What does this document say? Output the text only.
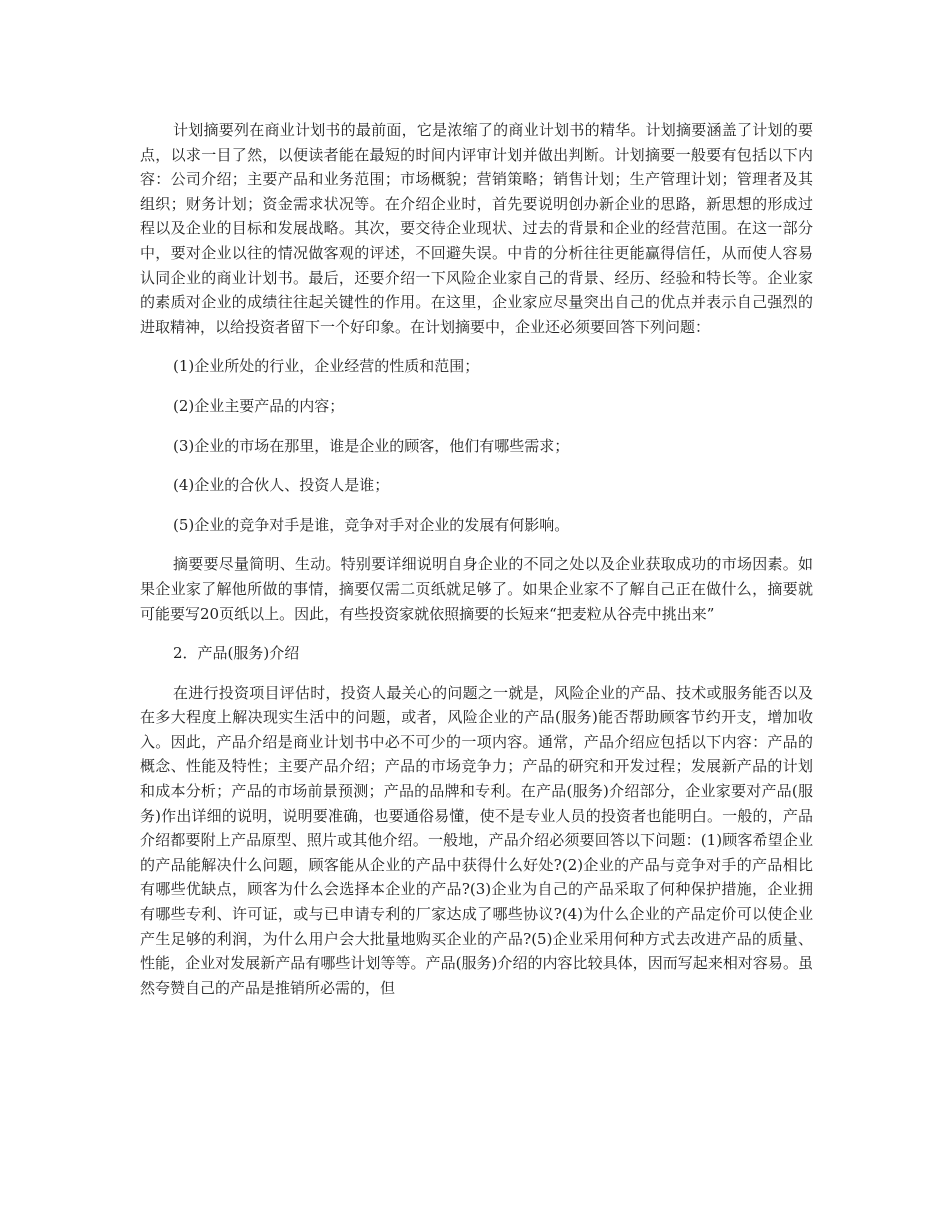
计划摘要列在商业计划书的最前面，它是浓缩了的商业计划书的精华。计划摘要涵盖了计划的要点，以求一目了然，以便读者能在最短的时间内评审计划并做出判断。计划摘要一般要有包括以下内容：公司介绍；主要产品和业务范围；市场概貌；营销策略；销售计划；生产管理计划；管理者及其组织；财务计划；资金需求状况等。在介绍企业时，首先要说明创办新企业的思路，新思想的形成过程以及企业的目标和发展战略。其次，要交待企业现状、过去的背景和企业的经营范围。在这一部分中，要对企业以往的情况做客观的评述，不回避失误。中肯的分析往往更能赢得信任，从而使人容易认同企业的商业计划书。最后，还要介绍一下风险企业家自己的背景、经历、经验和特长等。企业家的素质对企业的成绩往往起关键性的作用。在这里，企业家应尽量突出自己的优点并表示自己强烈的进取精神，以给投资者留下一个好印象。在计划摘要中，企业还必须要回答下列问题：

(1)企业所处的行业，企业经营的性质和范围；

(2)企业主要产品的内容；

(3)企业的市场在那里，谁是企业的顾客，他们有哪些需求；

(4)企业的合伙人、投资人是谁；

(5)企业的竞争对手是谁，竞争对手对企业的发展有何影响。

摘要要尽量简明、生动。特别要详细说明自身企业的不同之处以及企业获取成功的市场因素。如果企业家了解他所做的事情，摘要仅需二页纸就足够了。如果企业家不了解自己正在做什么，摘要就可能要写20页纸以上。因此，有些投资家就依照摘要的长短来“把麦粒从谷壳中挑出来”

2．产品(服务)介绍

在进行投资项目评估时，投资人最关心的问题之一就是，风险企业的产品、技术或服务能否以及在多大程度上解决现实生活中的问题，或者，风险企业的产品(服务)能否帮助顾客节约开支，增加收入。因此，产品介绍是商业计划书中必不可少的一项内容。通常，产品介绍应包括以下内容：产品的概念、性能及特性；主要产品介绍；产品的市场竞争力；产品的研究和开发过程；发展新产品的计划和成本分析；产品的市场前景预测；产品的品牌和专利。在产品(服务)介绍部分，企业家要对产品(服务)作出详细的说明，说明要准确，也要通俗易懂，使不是专业人员的投资者也能明白。一般的，产品介绍都要附上产品原型、照片或其他介绍。一般地，产品介绍必须要回答以下问题：(1)顾客希望企业的产品能解决什么问题，顾客能从企业的产品中获得什么好处?(2)企业的产品与竞争对手的产品相比有哪些优缺点，顾客为什么会选择本企业的产品?(3)企业为自己的产品采取了何种保护措施，企业拥有哪些专利、许可证，或与已申请专利的厂家达成了哪些协议?(4)为什么企业的产品定价可以使企业产生足够的利润，为什么用户会大批量地购买企业的产品?(5)企业采用何种方式去改进产品的质量、性能，企业对发展新产品有哪些计划等等。产品(服务)介绍的内容比较具体，因而写起来相对容易。虽然夸赞自己的产品是推销所必需的，但
